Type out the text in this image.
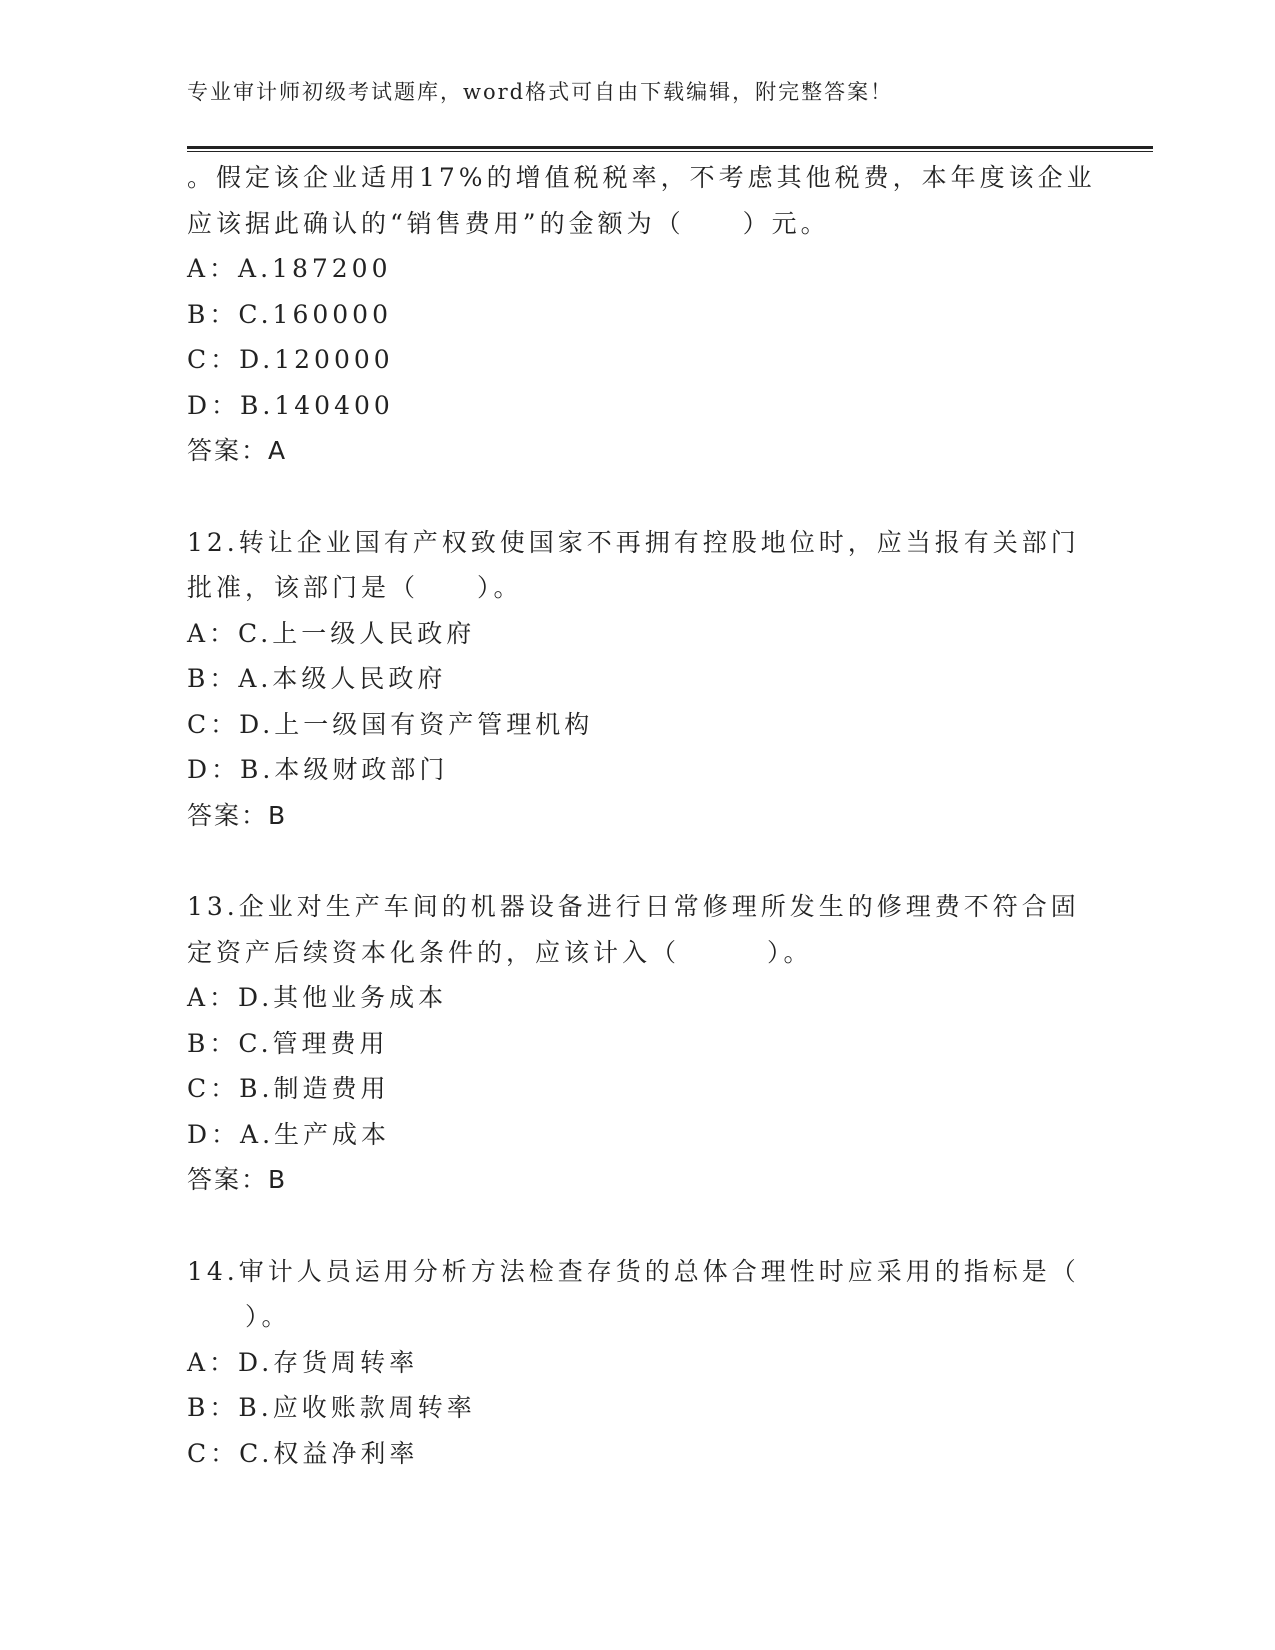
专业审计师初级考试题库，word格式可自由下载编辑，附完整答案！
。假定该企业适用17%的增值税税率，不考虑其他税费，本年度该企业
应该据此确认的“销售费用”的金额为（　　）元。
A：A.187200
B：C.160000
C：D.120000
D：B.140400
答案：A
12.转让企业国有产权致使国家不再拥有控股地位时，应当报有关部门
批准，该部门是（　　）。
A：C.上一级人民政府
B：A.本级人民政府
C：D.上一级国有资产管理机构
D：B.本级财政部门
答案：B
13.企业对生产车间的机器设备进行日常修理所发生的修理费不符合固
定资产后续资本化条件的，应该计入（　　　）。
A：D.其他业务成本
B：C.管理费用
C：B.制造费用
D：A.生产成本
答案：B
14.审计人员运用分析方法检查存货的总体合理性时应采用的指标是（
　　）。
A：D.存货周转率
B：B.应收账款周转率
C：C.权益净利率
